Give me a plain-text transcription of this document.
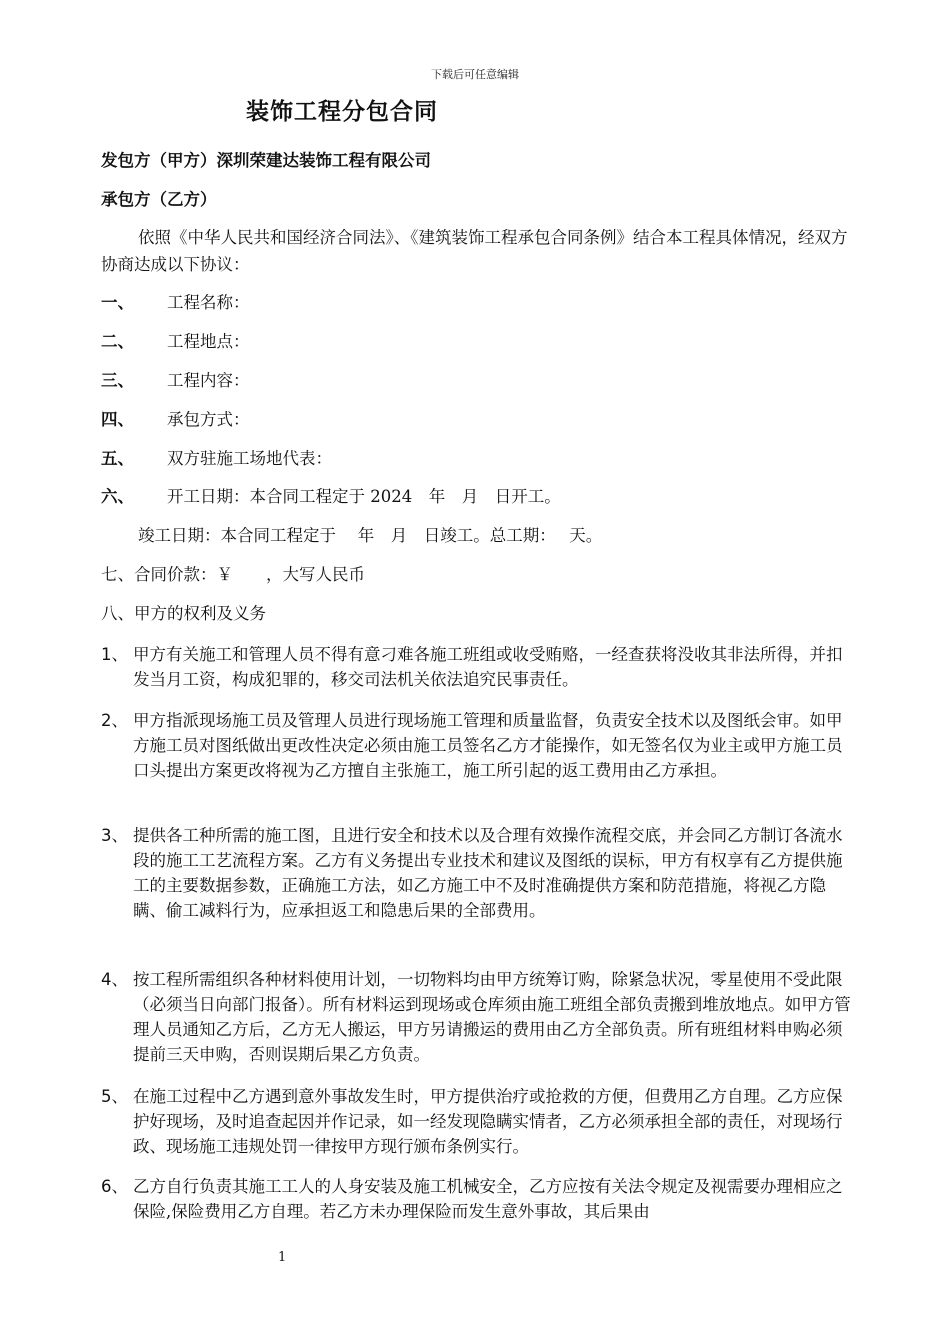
下载后可任意编辑
装饰工程分包合同
发包方（甲方）深圳荣建达装饰工程有限公司
承包方（乙方）
依照《中华人民共和国经济合同法》、《建筑装饰工程承包合同条例》结合本工程具体情况，经双方协商达成以下协议：
一、 工程名称：
二、 工程地点：
三、 工程内容：
四、 承包方式：
五、 双方驻施工场地代表：
六、 开工日期：本合同工程定于 2024　年　月　日开工。
竣工日期：本合同工程定于　 年　月　日竣工。总工期：　 天。
七、合同价款：￥　　，大写人民币
八、甲方的权利及义务
1、 甲方有关施工和管理人员不得有意刁难各施工班组或收受贿赂，一经查获将没收其非法所得，并扣发当月工资，构成犯罪的，移交司法机关依法追究民事责任。
2、 甲方指派现场施工员及管理人员进行现场施工管理和质量监督，负责安全技术以及图纸会审。如甲方施工员对图纸做出更改性决定必须由施工员签名乙方才能操作，如无签名仅为业主或甲方施工员口头提出方案更改将视为乙方擅自主张施工，施工所引起的返工费用由乙方承担。
3、 提供各工种所需的施工图，且进行安全和技术以及合理有效操作流程交底，并会同乙方制订各流水段的施工工艺流程方案。乙方有义务提出专业技术和建议及图纸的误标，甲方有权享有乙方提供施工的主要数据参数，正确施工方法，如乙方施工中不及时准确提供方案和防范措施，将视乙方隐瞒、偷工减料行为，应承担返工和隐患后果的全部费用。
4、 按工程所需组织各种材料使用计划，一切物料均由甲方统筹订购，除紧急状况，零星使用不受此限（必须当日向部门报备）。所有材料运到现场或仓库须由施工班组全部负责搬到堆放地点。如甲方管理人员通知乙方后，乙方无人搬运，甲方另请搬运的费用由乙方全部负责。所有班组材料申购必须提前三天申购，否则误期后果乙方负责。
5、 在施工过程中乙方遇到意外事故发生时，甲方提供治疗或抢救的方便，但费用乙方自理。乙方应保护好现场，及时追查起因并作记录，如一经发现隐瞒实情者，乙方必须承担全部的责任，对现场行政、现场施工违规处罚一律按甲方现行颁布条例实行。
6、 乙方自行负责其施工工人的人身安装及施工机械安全，乙方应按有关法令规定及视需要办理相应之保险,保险费用乙方自理。若乙方未办理保险而发生意外事故，其后果由
1
